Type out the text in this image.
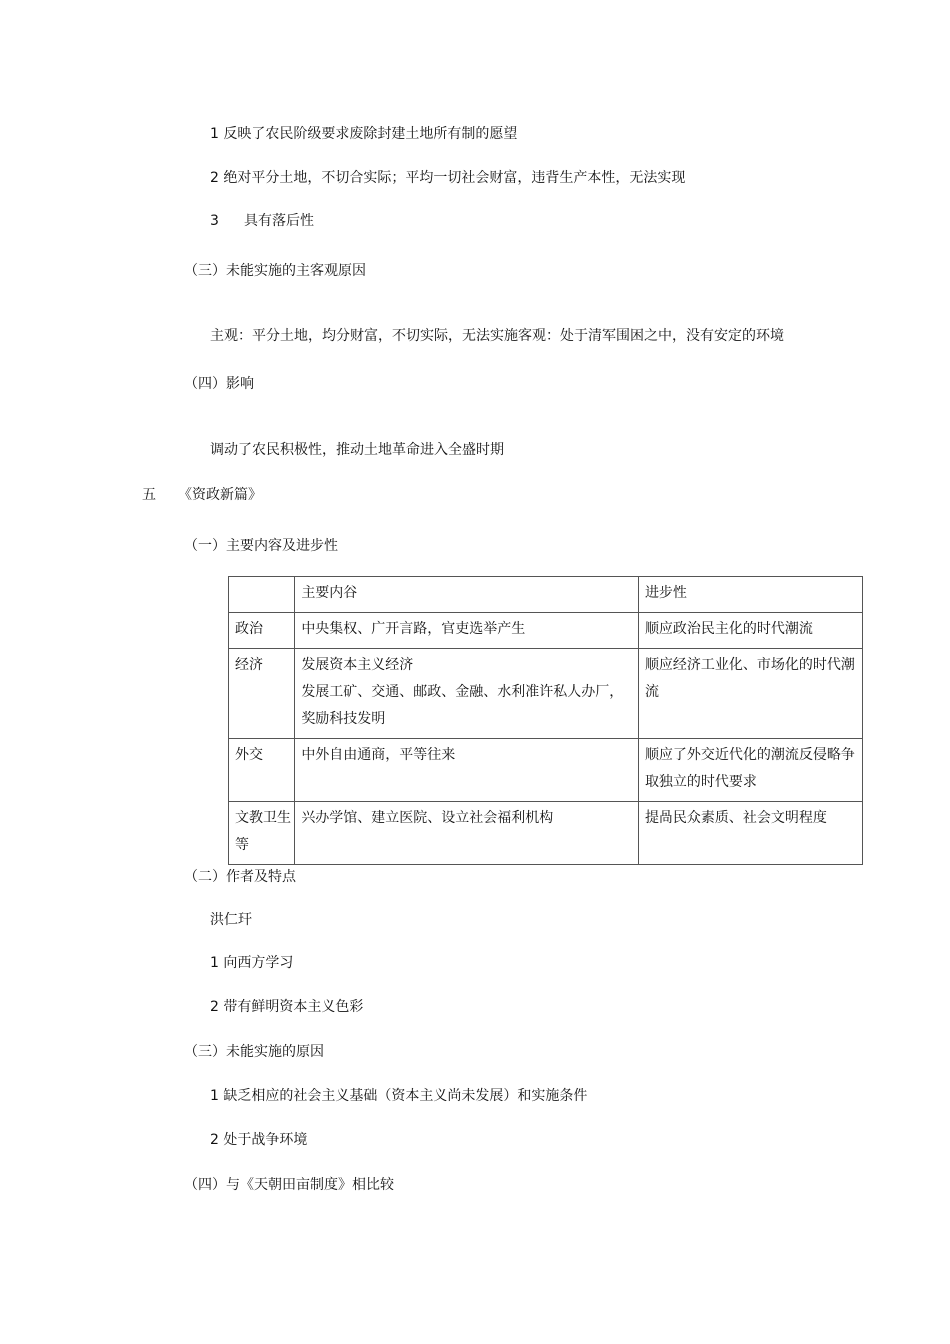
1 反映了农民阶级要求废除封建土地所有制的愿望
2 绝对平分土地，不切合实际；平均一切社会财富，违背生产本性，无法实现
3 具有落后性
（三）未能实施的主客观原因
主观：平分土地，均分财富，不切实际，无法实施客观：处于清军围困之中，没有安定的环境
（四）影响
调动了农民积极性，推动土地革命进入全盛时期
五 《资政新篇》
（一）主要内容及进步性
	主要内谷	进步性
政治	中央集权、广开言路，官吏选举产生	顺应政治民主化的时代潮流
经济	发展资本主义经济
发展工矿、交通、邮政、金融、水利准许私人办厂，奖励科技发明	顺应经济工业化、市场化的时代潮流
外交	中外自由通商，平等往来	顺应了外交近代化的潮流反侵略争取独立的时代要求
文教卫生等	兴办学馆、建立医院、设立社会福利机构	提咼民众素质、社会文明程度
（二）作者及特点
洪仁玕
1 向西方学习
2 带有鲜明资本主义色彩
（三）未能实施的原因
1 缺乏相应的社会主义基础（资本主义尚未发展）和实施条件
2 处于战争环境
（四）与《天朝田亩制度》相比较
